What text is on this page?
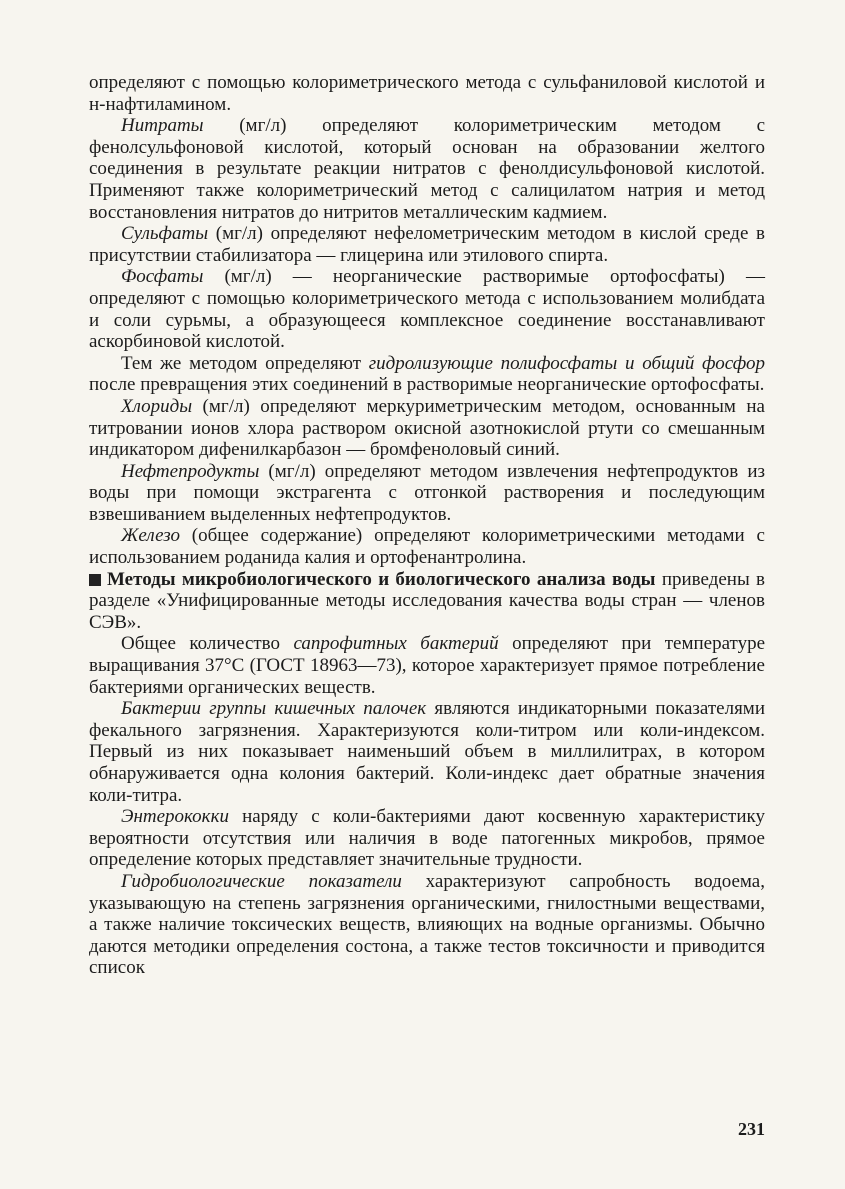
определяют с помощью колориметрического метода с сульфаниловой кислотой и н-нафтиламином.

Нитраты (мг/л) определяют колориметрическим методом с фенолсульфоновой кислотой, который основан на образовании желтого соединения в результате реакции нитратов с фенолдисульфоновой кислотой. Применяют также колориметрический метод с салицилатом натрия и метод восстановления нитратов до нитритов металлическим кадмием.

Сульфаты (мг/л) определяют нефелометрическим методом в кислой среде в присутствии стабилизатора — глицерина или этилового спирта.

Фосфаты (мг/л) — неорганические растворимые ортофосфаты) — определяют с помощью колориметрического метода с использованием молибдата и соли сурьмы, а образующееся комплексное соединение восстанавливают аскорбиновой кислотой.

Тем же методом определяют гидролизующие полифосфаты и общий фосфор после превращения этих соединений в растворимые неорганические ортофосфаты.

Хлориды (мг/л) определяют меркуриметрическим методом, основанным на титровании ионов хлора раствором окисной азотнокислой ртути со смешанным индикатором дифенилкарбазон — бромфеноловый синий.

Нефтепродукты (мг/л) определяют методом извлечения нефтепродуктов из воды при помощи экстрагента с отгонкой растворения и последующим взвешиванием выделенных нефтепродуктов.

Железо (общее содержание) определяют колориметрическими методами с использованием роданида калия и ортофенантролина.

Методы микробиологического и биологического анализа воды приведены в разделе «Унифицированные методы исследования качества воды стран — членов СЭВ».

Общее количество сапрофитных бактерий определяют при температуре выращивания 37°С (ГОСТ 18963—73), которое характеризует прямое потребление бактериями органических веществ.

Бактерии группы кишечных палочек являются индикаторными показателями фекального загрязнения. Характеризуются коли-титром или коли-индексом. Первый из них показывает наименьший объем в миллилитрах, в котором обнаруживается одна колония бактерий. Коли-индекс дает обратные значения коли-титра.

Энтерококки наряду с коли-бактериями дают косвенную характеристику вероятности отсутствия или наличия в воде патогенных микробов, прямое определение которых представляет значительные трудности.

Гидробиологические показатели характеризуют сапробность водоема, указывающую на степень загрязнения органическими, гнилостными веществами, а также наличие токсических веществ, влияющих на водные организмы. Обычно даются методики определения состона, а также тестов токсичности и приводится список

231
